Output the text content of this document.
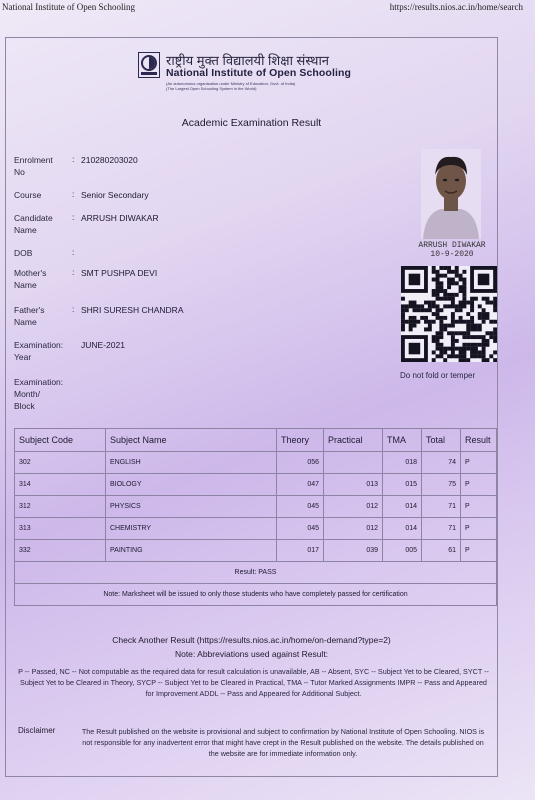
National Institute of Open Schooling	https://results.nios.ac.in/home/search
राष्ट्रीय मुक्त विद्यालयी शिक्षा संस्थान
National Institute of Open Schooling
(An autonomous organisation under Ministry of Education, Govt. of India)
(The Largest Open Schooling System in the World)
Academic Examination Result
Enrolment
No
: 210280203020
Course	: Senior Secondary
Candidate
Name
: ARRUSH DIWAKAR
DOB	:
Mother's
Name
: SMT PUSHPA DEVI
Father's
Name
: SHRI SURESH CHANDRA
Examination:
Year
JUNE-2021
Examination:
Month/
Block
ARRUSH DIWAKAR
10-9-2020
Do not fold or temper
Subject Code	Subject Name	Theory	Practical	TMA	Total	Result
302	ENGLISH	056		018	74	P
314	BIOLOGY	047	013	015	75	P
312	PHYSICS	045	012	014	71	P
313	CHEMISTRY	045	012	014	71	P
332	PAINTING	017	039	005	61	P
Result: PASS						
Note: Marksheet will be issued to only those students who have completely passed for certification						
Check Another Result (https://results.nios.ac.in/home/on-demand?type=2)
Note: Abbreviations used against Result:
P -- Passed, NC -- Not computable as the required data for result calculation is unavailable, AB -- Absent, SYC -- Subject Yet to be Cleared, SYCT -- Subject Yet to be Cleared in Theory, SYCP -- Subject Yet to be Cleared in Practical, TMA -- Tutor Marked Assignments IMPR -- Pass and Appeared for Improvement ADDL -- Pass and Appeared for Additional Subject.
Disclaimer	The Result published on the website is provisional and subject to confirmation by National Institute of Open Schooling. NIOS is not responsible for any inadvertent error that might have crept in the Result published on the website. The details published on the website are for immediate information only.
